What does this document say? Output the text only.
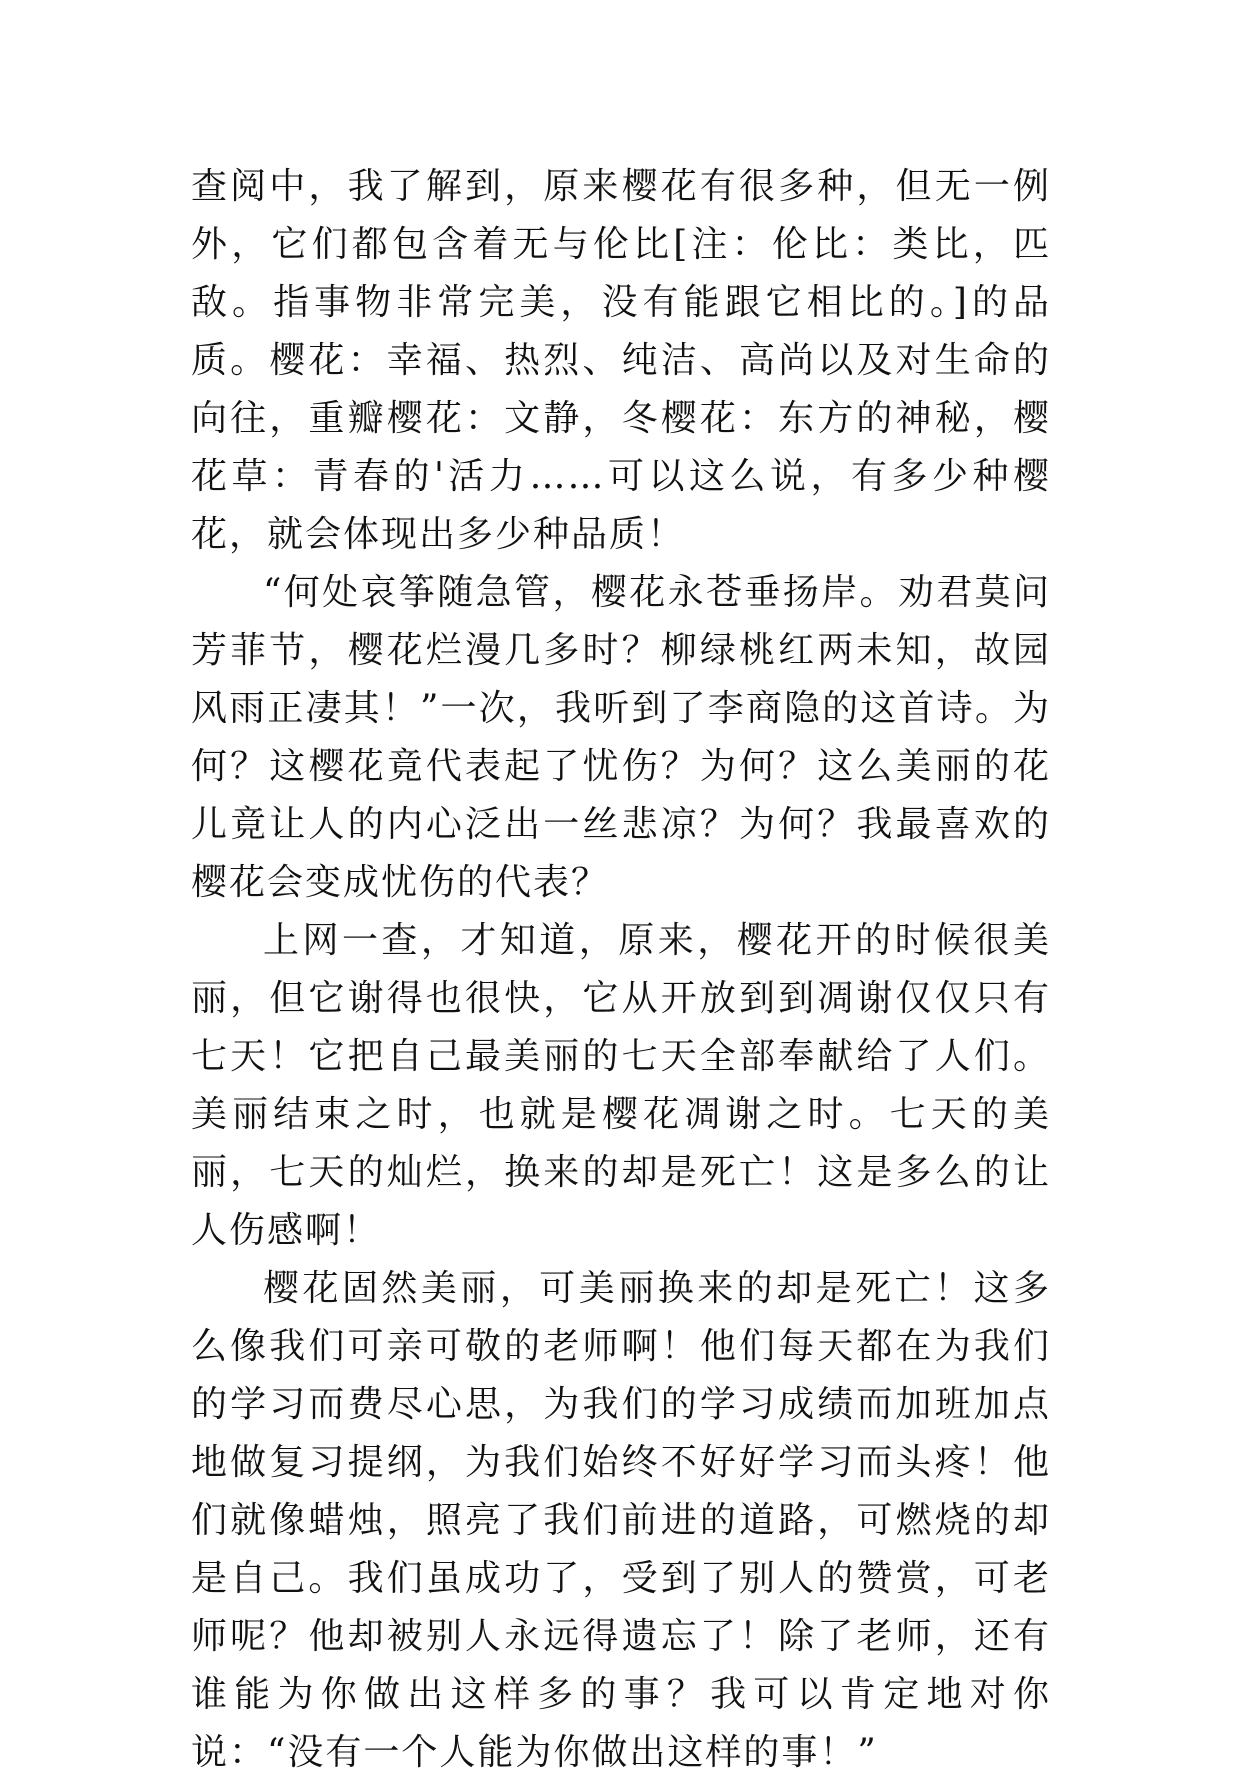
查阅中，我了解到，原来樱花有很多种，但无一例外，它们都包含着无与伦比[注：伦比：类比，匹敌。指事物非常完美，没有能跟它相比的。]的品质。樱花：幸福、热烈、纯洁、高尚以及对生命的向往，重瓣樱花：文静，冬樱花：东方的神秘，樱花草：青春的'活力……可以这么说，有多少种樱花，就会体现出多少种品质！

“何处哀筝随急管，樱花永苍垂扬岸。劝君莫问芳菲节，樱花烂漫几多时？柳绿桃红两未知，故园风雨正凄其！”一次，我听到了李商隐的这首诗。为何？这樱花竟代表起了忧伤？为何？这么美丽的花儿竟让人的内心泛出一丝悲凉？为何？我最喜欢的樱花会变成忧伤的代表？

上网一查，才知道，原来，樱花开的时候很美丽，但它谢得也很快，它从开放到到凋谢仅仅只有七天！它把自己最美丽的七天全部奉献给了人们。美丽结束之时，也就是樱花凋谢之时。七天的美丽，七天的灿烂，换来的却是死亡！这是多么的让人伤感啊！

樱花固然美丽，可美丽换来的却是死亡！这多么像我们可亲可敬的老师啊！他们每天都在为我们的学习而费尽心思，为我们的学习成绩而加班加点地做复习提纲，为我们始终不好好学习而头疼！他们就像蜡烛，照亮了我们前进的道路，可燃烧的却是自己。我们虽成功了，受到了别人的赞赏，可老师呢？他却被别人永远得遗忘了！除了老师，还有谁能为你做出这样多的事？我可以肯定地对你说：“没有一个人能为你做出这样的事！”
